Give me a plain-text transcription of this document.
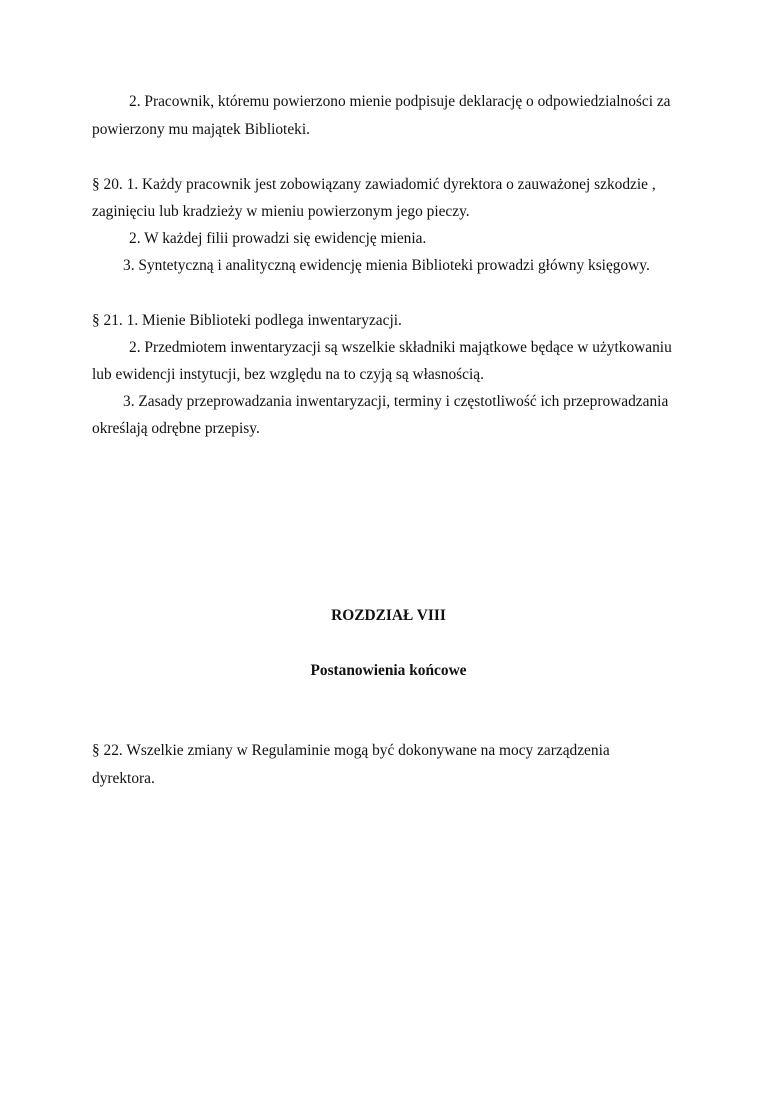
2. Pracownik, któremu powierzono mienie podpisuje deklarację o odpowiedzialności za
powierzony mu majątek Biblioteki.
§ 20. 1. Każdy pracownik jest zobowiązany zawiadomić dyrektora o zauważonej szkodzie ,
zaginięciu lub kradzieży w mieniu powierzonym jego pieczy.
2. W każdej filii prowadzi się ewidencję mienia.
3. Syntetyczną i analityczną ewidencję mienia Biblioteki prowadzi główny księgowy.
§ 21. 1. Mienie Biblioteki podlega inwentaryzacji.
2. Przedmiotem inwentaryzacji są wszelkie składniki majątkowe będące w użytkowaniu
lub ewidencji instytucji, bez względu na to czyją są własnością.
3. Zasady przeprowadzania inwentaryzacji, terminy i częstotliwość ich przeprowadzania
określają odrębne przepisy.
ROZDZIAŁ VIII
Postanowienia końcowe
§ 22. Wszelkie zmiany w Regulaminie mogą być dokonywane na mocy zarządzenia
dyrektora.
